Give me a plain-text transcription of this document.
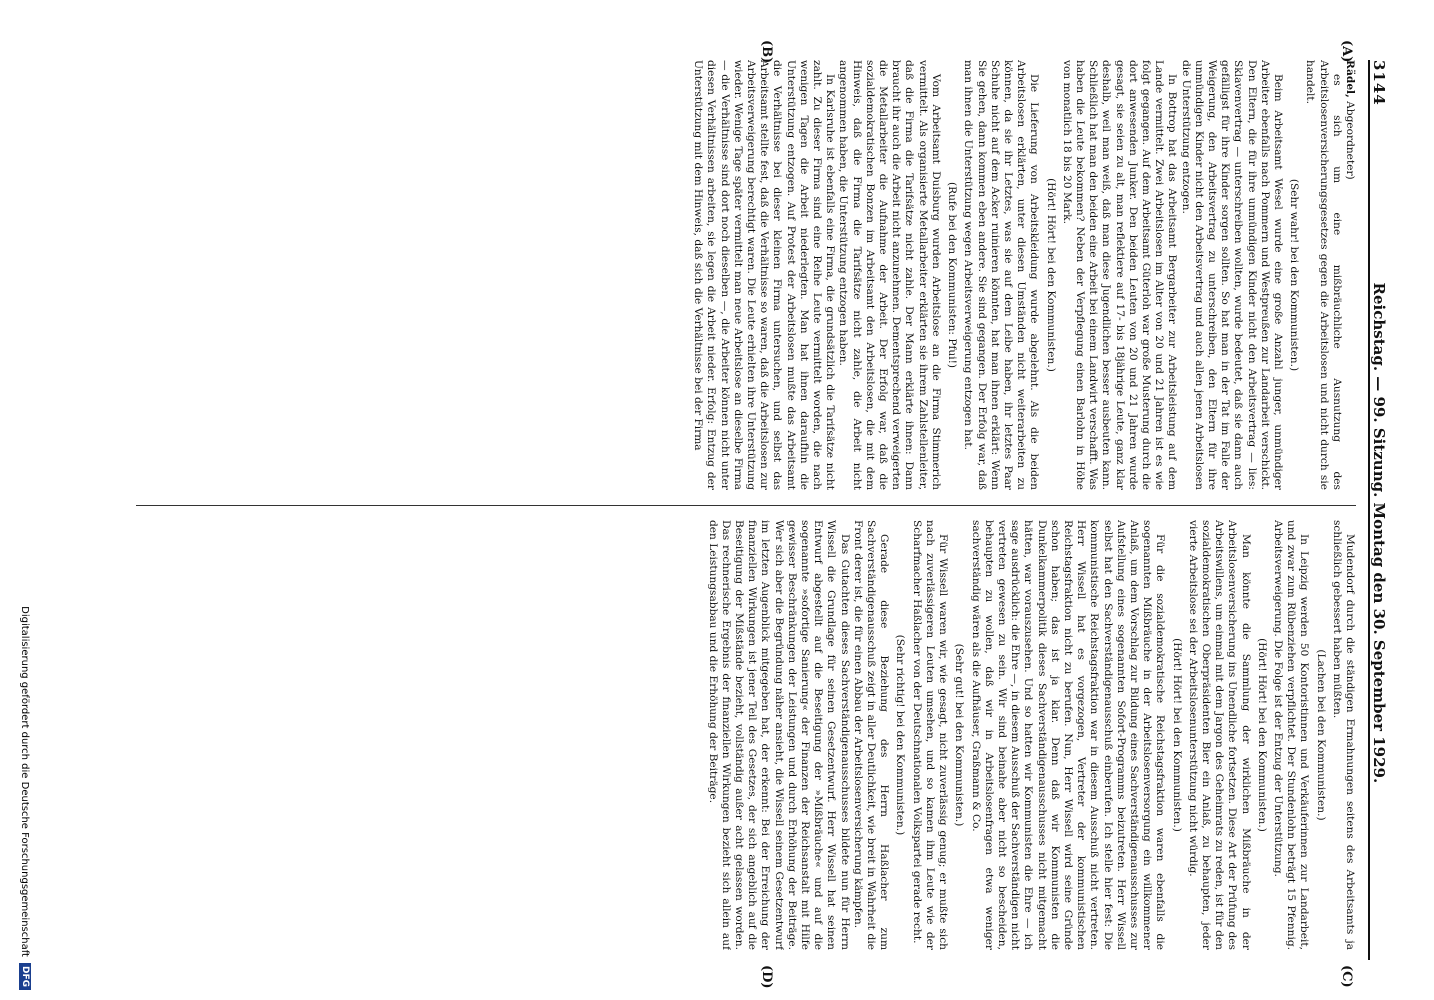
3144
Reichstag. — 99. Sitzung. Montag den 30. September 1929.
(A)
(B)
(C)
(D)
Rädel, Abgeordneter)

es sich um eine mißbräuchliche Ausnutzung des Arbeitslosenversicherungsgesetzes gegen die Arbeitslosen und nicht durch sie handelt.

(Sehr wahr! bei den Kommunisten.)

Beim Arbeitsamt Wesel wurde eine große Anzahl junger, unmündiger Arbeiter ebenfalls nach Pommern und Westpreußen zur Landarbeit verschickt. Den Eltern, die für ihre unmündigen Kinder nicht den Arbeitsvertrag — lies: Sklavenvertrag — unterschreiben wollten, wurde bedeutet, daß sie dann auch gefälligst für ihre Kinder sorgen sollten. So hat man in der Tat im Falle der Weigerung, den Arbeitsvertrag zu unterschreiben, den Eltern für ihre unmündigen Kinder nicht den Arbeitsvertrag und auch allen jenen Arbeitslosen die Unterstützung entzogen.

In Bottrop hat das Arbeitsamt Bergarbeiter zur Arbeitsleistung auf dem Lande vermittelt. Zwei Arbeitslosen im Alter von 20 und 21 Jahren ist es wie folgt gegangen. Auf dem Arbeitsamt Güterloh war große Musterung durch die dort anwesenden Junker. Den beiden Leuten von 20 und 21 Jahren wurde gesagt, sie seien zu alt, man reflektiere auf 17- bis 18jährige Leute, ganz klar deshalb, weil man weiß, daß man diese Jugendlichen besser ausbeuten kann. Schließlich hat man den beiden eine Arbeit bei einem Landwirt verschafft. Was haben die Leute bekommen? Neben der Verpflegung einen Barlohn in Höhe von monatlich 18 bis 20 Mark.

(Hört! Hört! bei den Kommunisten.)

Die Lieferung von Arbeitskleidung wurde abgelehnt. Als die beiden Arbeitslosen erklärten, unter diesen Umständen nicht weiterarbeiten zu können, da sie ihr Letztes, was sie auf dem Leibe haben, ihr letztes Paar Schuhe nicht auf dem Acker ruinieren könnten, hat man ihnen erklärt: Wenn Sie gehen, dann kommen eben andere. Sie sind gegangen. Der Erfolg war, daß man ihnen die Unterstützung wegen Arbeitsverweigerung entzogen hat.

(Rufe bei den Kommunisten: Pfui!)

Vom Arbeitsamt Duisburg wurden Arbeitslose an die Firma Stimmerich vermittelt. Als organisierte Metallarbeiter erklärten sie ihrem Zahlstellenleiter, daß die Firma die Tarifsätze nicht zahle. Der Mann erklärte ihnen: Dann braucht ihr auch die Arbeit nicht anzunehmen. Dementsprechend verweigerten die Metallarbeiter die Aufnahme der Arbeit. Der Erfolg war, daß die sozialdemokratischen Bonzen im Arbeitsamt den Arbeitslosen, die mit dem Hinweis, daß die Firma die Tarifsätze nicht zahle, die Arbeit nicht angenommen haben, die Unterstützung entzogen haben.

In Karlsruhe ist ebenfalls eine Firma, die grundsätzlich die Tarifsätze nicht zahlt. Zu dieser Firma sind eine Reihe Leute vermittelt worden, die nach wenigen Tagen die Arbeit niederlegten. Man hat ihnen daraufhin die Unterstützung entzogen. Auf Protest der Arbeitslosen mußte das Arbeitsamt die Verhältnisse bei dieser kleinen Firma untersuchen, und selbst das Arbeitsamt stellte fest, daß die Verhältnisse so waren, daß die Arbeitslosen zur Arbeitsverweigerung berechtigt waren. Die Leute erhielten ihre Unterstützung wieder. Wenige Tage später vermittelt man neue Arbeitslose an dieselbe Firma — die Verhältnisse sind dort noch dieselben —, die Arbeiter können nicht unter diesen Verhältnissen arbeiten, sie legen die Arbeit nieder. Erfolg: Entzug der Unterstützung mit dem Hinweis, daß sich die Verhältnisse bei der Firma

Mudendorf durch die ständigen Ermahnungen seitens des Arbeitsamts ja schließlich gebessert haben müßten.

(Lachen bei den Kommunisten.)

In Leipzig werden 50 Kontoristinnen und Verkäuferinnen zur Landarbeit, und zwar zum Rübenziehen verpflichtet. Der Stundenlohn beträgt 15 Pfennig. Arbeitsverweigerung. Die Folge ist der Entzug der Unterstützung.

(Hört! Hört! bei den Kommunisten.)

Man könnte die Sammlung der wirklichen Mißbräuche in der Arbeitslosenversicherung ins Unendliche fortsetzen. Diese Art der Prüfung des Arbeitswillens, um einmal mit dem Jargon des Geheimrats zu reden, ist für den sozialdemokratischen Oberpräsidenten Bier ein Anlaß, zu behaupten, jeder vierte Arbeitslose sei der Arbeitslosenunterstützung nicht würdig.

(Hört! Hört! bei den Kommunisten.)

Für die sozialdemokratische Reichstagsfraktion waren ebenfalls die sogenannten Mißbräuche in der Arbeitslosenversorgung ein willkommener Anlaß, um dem Vorschlag zur Bildung eines Sachverständigenausschusses zur Aufstellung eines sogenannten Sofort-Programms beizutreten. Herr Wissell selbst hat den Sachverständigenausschuß einberufen. Ich stelle hier fest: Die kommunistische Reichstagsfraktion war in diesem Ausschuß nicht vertreten. Herr Wissell hat es vorgezogen, Vertreter der kommunistischen Reichstagsfraktion nicht zu berufen. Nun, Herr Wissell wird seine Gründe schon haben; das ist ja klar. Denn daß wir Kommunisten die Dunkelkammerpolitik dieses Sachverständigenausschusses nicht mitgemacht hätten, war vorauszusehen. Und so hatten wir Kommunisten die Ehre — ich sage ausdrücklich: die Ehre —, in diesem Ausschuß der Sachverständigen nicht vertreten gewesen zu sein. Wir sind beinahe aber nicht so bescheiden, behaupten zu wollen, daß wir in Arbeitslosenfragen etwa weniger sachverständig wären als die Aufhäuser, Graßmann & Co.

(Sehr gut! bei den Kommunisten.)

Für Wissell waren wir, wie gesagt, nicht zuverlässig genug; er mußte sich nach zuverlässigeren Leuten umsehen, und so kamen ihm Leute wie der Scharfmacher Haßlacher von der Deutschnationalen Volkspartei gerade recht.

(Sehr richtig! bei den Kommunisten.)

Gerade diese Beziehung des Herrn Haßlacher zum Sachverständigenausschuß zeigt in aller Deutlichkeit, wie breit in Wahrheit die Front derer ist, die für einen Abbau der Arbeitslosenversicherung kämpfen.

Das Gutachten dieses Sachverständigenausschusses bildete nun für Herrn Wissell die Grundlage für seinen Gesetzentwurf. Herr Wissell hat seinen Entwurf abgestellt auf die Beseitigung der »Mißbräuche« und auf die sogenannte »sofortige Sanierung« der Finanzen der Reichsanstalt mit Hilfe gewisser Beschränkungen der Leistungen und durch Erhöhung der Beiträge. Wer sich aber die Begründung näher ansieht, die Wissell seinem Gesetzentwurf im letzten Augenblick mitgegeben hat, der erkennt: Bei der Erreichung der finanziellen Wirkungen ist jener Teil des Gesetzes, der sich angeblich auf die Beseitigung der Mißstände bezieht, vollständig außer acht gelassen worden. Das rechnerische Ergebnis der finanziellen Wirkungen bezieht sich allein auf den Leistungsabbau und die Erhöhung der Beiträge.

Digitalisierung gefördert durch die Deutsche Forschungsgemeinschaft
DFG
